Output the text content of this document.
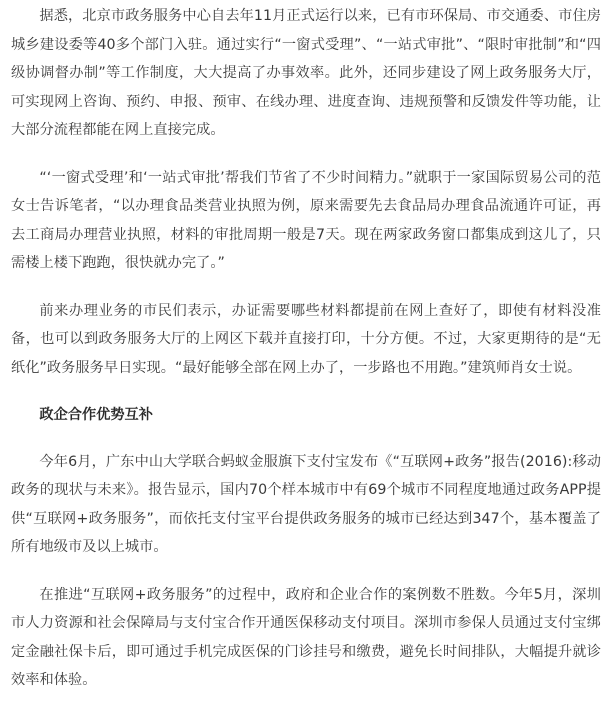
据悉，北京市政务服务中心自去年11月正式运行以来，已有市环保局、市交通委、市住房城乡建设委等40多个部门入驻。通过实行“一窗式受理”、“一站式审批”、“限时审批制”和“四级协调督办制”等工作制度，大大提高了办事效率。此外，还同步建设了网上政务服务大厅，可实现网上咨询、预约、申报、预审、在线办理、进度查询、违规预警和反馈发件等功能，让大部分流程都能在网上直接完成。

“‘一窗式受理’和‘一站式审批’帮我们节省了不少时间精力。”就职于一家国际贸易公司的范女士告诉笔者，“以办理食品类营业执照为例，原来需要先去食品局办理食品流通许可证，再去工商局办理营业执照，材料的审批周期一般是7天。现在两家政务窗口都集成到这儿了，只需楼上楼下跑跑，很快就办完了。”

前来办理业务的市民们表示，办证需要哪些材料都提前在网上查好了，即使有材料没准备，也可以到政务服务大厅的上网区下载并直接打印，十分方便。不过，大家更期待的是“无纸化”政务服务早日实现。“最好能够全部在网上办了，一步路也不用跑。”建筑师肖女士说。

政企合作优势互补

今年6月，广东中山大学联合蚂蚁金服旗下支付宝发布《“互联网+政务”报告(2016):移动政务的现状与未来》。报告显示，国内70个样本城市中有69个城市不同程度地通过政务APP提供“互联网+政务服务”，而依托支付宝平台提供政务服务的城市已经达到347个，基本覆盖了所有地级市及以上城市。

在推进“互联网+政务服务”的过程中，政府和企业合作的案例数不胜数。今年5月，深圳市人力资源和社会保障局与支付宝合作开通医保移动支付项目。深圳市参保人员通过支付宝绑定金融社保卡后，即可通过手机完成医保的门诊挂号和缴费，避免长时间排队，大幅提升就诊效率和体验。
